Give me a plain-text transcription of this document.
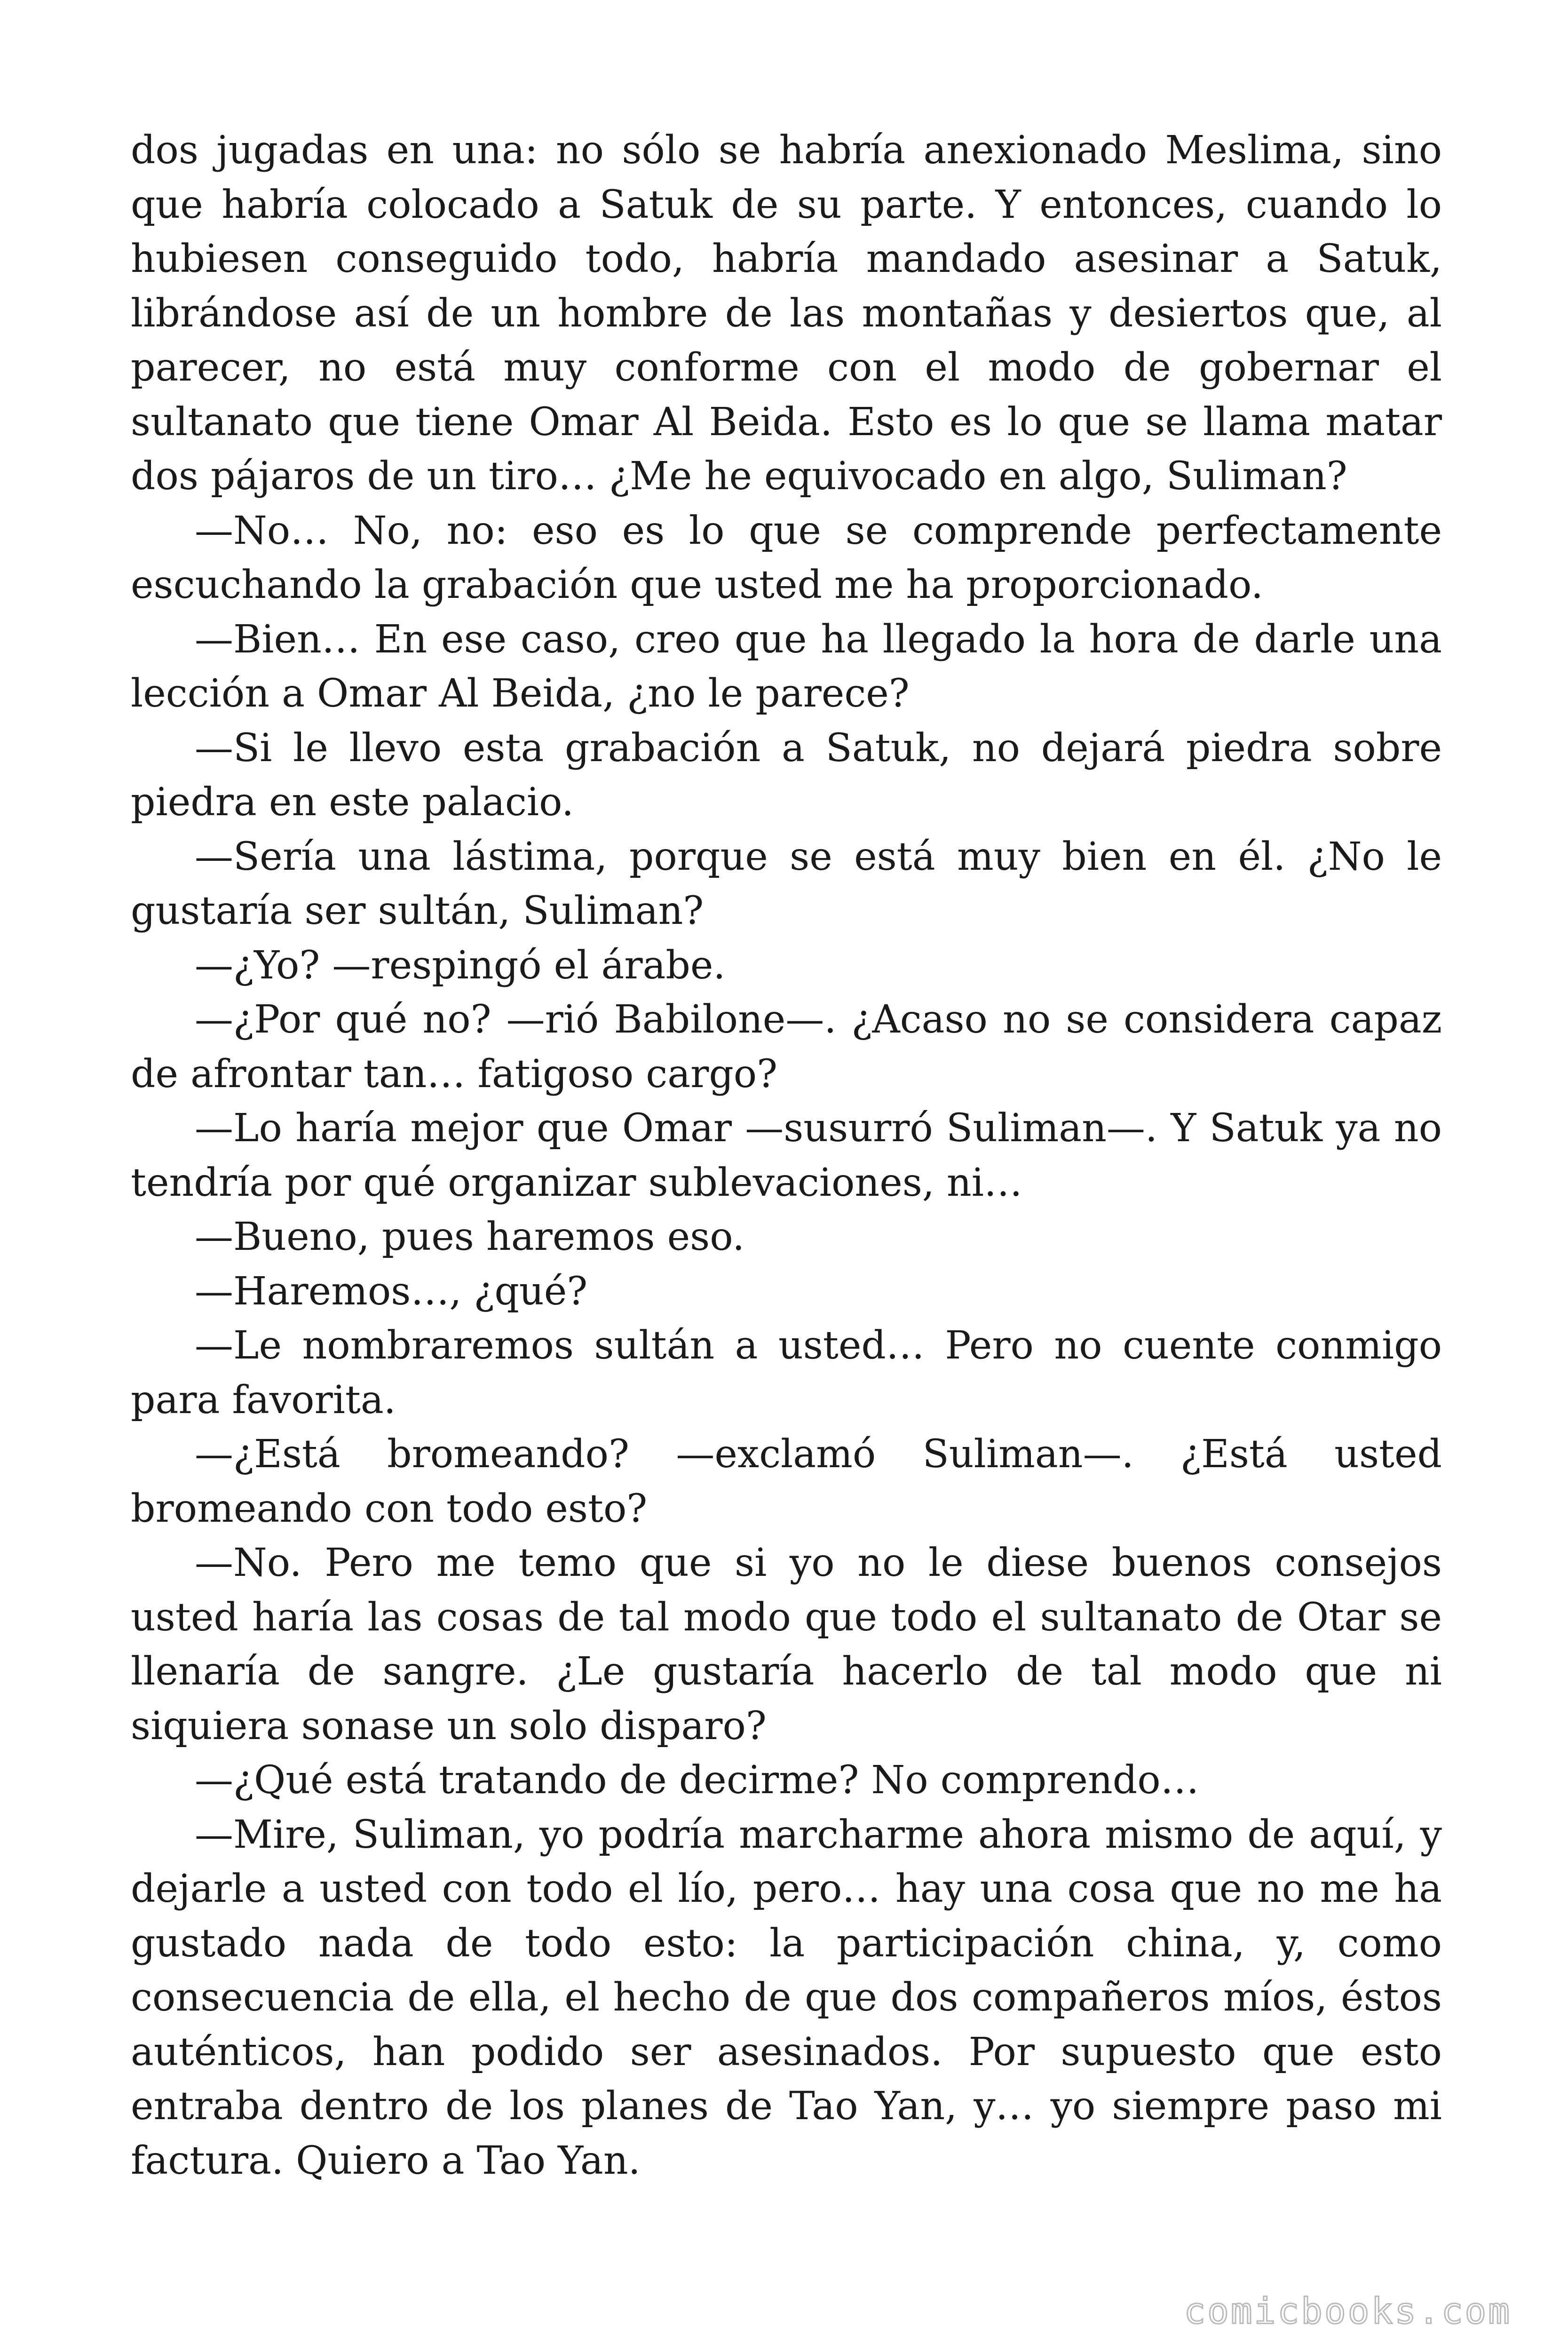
dos jugadas en una: no sólo se habría anexionado Meslima, sino que habría colocado a Satuk de su parte. Y entonces, cuando lo hubiesen conseguido todo, habría mandado asesinar a Satuk, librándose así de un hombre de las montañas y desiertos que, al parecer, no está muy conforme con el modo de gobernar el sultanato que tiene Omar Al Beida. Esto es lo que se llama matar dos pájaros de un tiro… ¿Me he equivocado en algo, Suliman?

—No… No, no: eso es lo que se comprende perfectamente escuchando la grabación que usted me ha proporcionado.

—Bien… En ese caso, creo que ha llegado la hora de darle una lección a Omar Al Beida, ¿no le parece?

—Si le llevo esta grabación a Satuk, no dejará piedra sobre piedra en este palacio.

—Sería una lástima, porque se está muy bien en él. ¿No le gustaría ser sultán, Suliman?

—¿Yo? —respingó el árabe.

—¿Por qué no? —rió Babilone—. ¿Acaso no se considera capaz de afrontar tan… fatigoso cargo?

—Lo haría mejor que Omar —susurró Suliman—. Y Satuk ya no tendría por qué organizar sublevaciones, ni…

—Bueno, pues haremos eso.

—Haremos…, ¿qué?

—Le nombraremos sultán a usted… Pero no cuente conmigo para favorita.

—¿Está bromeando? —exclamó Suliman—. ¿Está usted bromeando con todo esto?

—No. Pero me temo que si yo no le diese buenos consejos usted haría las cosas de tal modo que todo el sultanato de Otar se llenaría de sangre. ¿Le gustaría hacerlo de tal modo que ni siquiera sonase un solo disparo?

—¿Qué está tratando de decirme? No comprendo…

—Mire, Suliman, yo podría marcharme ahora mismo de aquí, y dejarle a usted con todo el lío, pero… hay una cosa que no me ha gustado nada de todo esto: la participación china, y, como consecuencia de ella, el hecho de que dos compañeros míos, éstos auténticos, han podido ser asesinados. Por supuesto que esto entraba dentro de los planes de Tao Yan, y… yo siempre paso mi factura. Quiero a Tao Yan.

comicbooks.com
